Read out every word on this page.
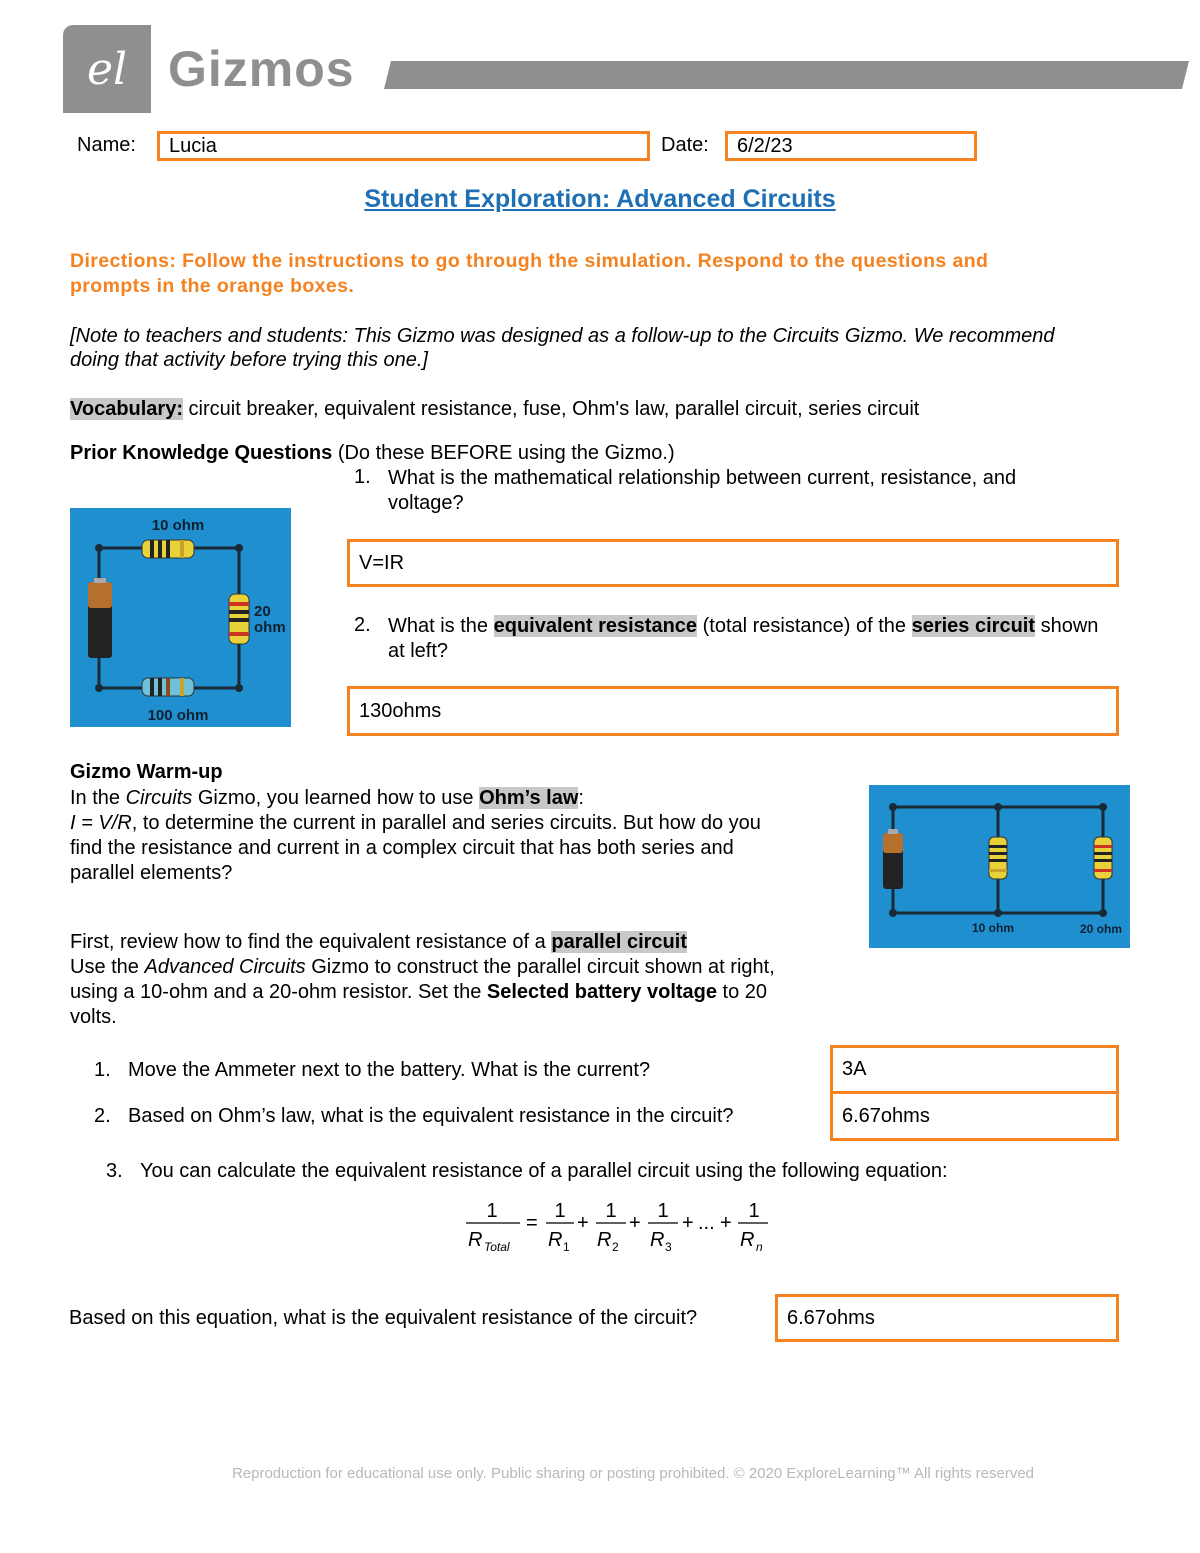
el Gizmos
Name: Lucia	Date: 6/2/23
Student Exploration: Advanced Circuits
Directions: Follow the instructions to go through the simulation. Respond to the questions and prompts in the orange boxes.
[Note to teachers and students: This Gizmo was designed as a follow-up to the Circuits Gizmo. We recommend doing that activity before trying this one.]
Vocabulary: circuit breaker, equivalent resistance, fuse, Ohm's law, parallel circuit, series circuit
Prior Knowledge Questions (Do these BEFORE using the Gizmo.)
1. What is the mathematical relationship between current, resistance, and voltage?
V=IR
2. What is the equivalent resistance (total resistance) of the series circuit shown at left?
130ohms
10 ohm
20
ohm
100 ohm
Gizmo Warm-up
In the Circuits Gizmo, you learned how to use Ohm’s law:
I = V/R, to determine the current in parallel and series circuits. But how do you find the resistance and current in a complex circuit that has both series and parallel elements?
First, review how to find the equivalent resistance of a parallel circuit
Use the Advanced Circuits Gizmo to construct the parallel circuit shown at right, using a 10-ohm and a 20-ohm resistor. Set the Selected battery voltage to 20 volts.
10 ohm	20 ohm
1. Move the Ammeter next to the battery. What is the current?	3A
2. Based on Ohm’s law, what is the equivalent resistance in the circuit?	6.67ohms
3. You can calculate the equivalent resistance of a parallel circuit using the following equation:
1
R Total
=
1
R 1
+
1
R 2
+
1
R 3
+ ... +
1
R n
Based on this equation, what is the equivalent resistance of the circuit?	6.67ohms
Reproduction for educational use only. Public sharing or posting prohibited. © 2020 ExploreLearning™ All rights reserved
